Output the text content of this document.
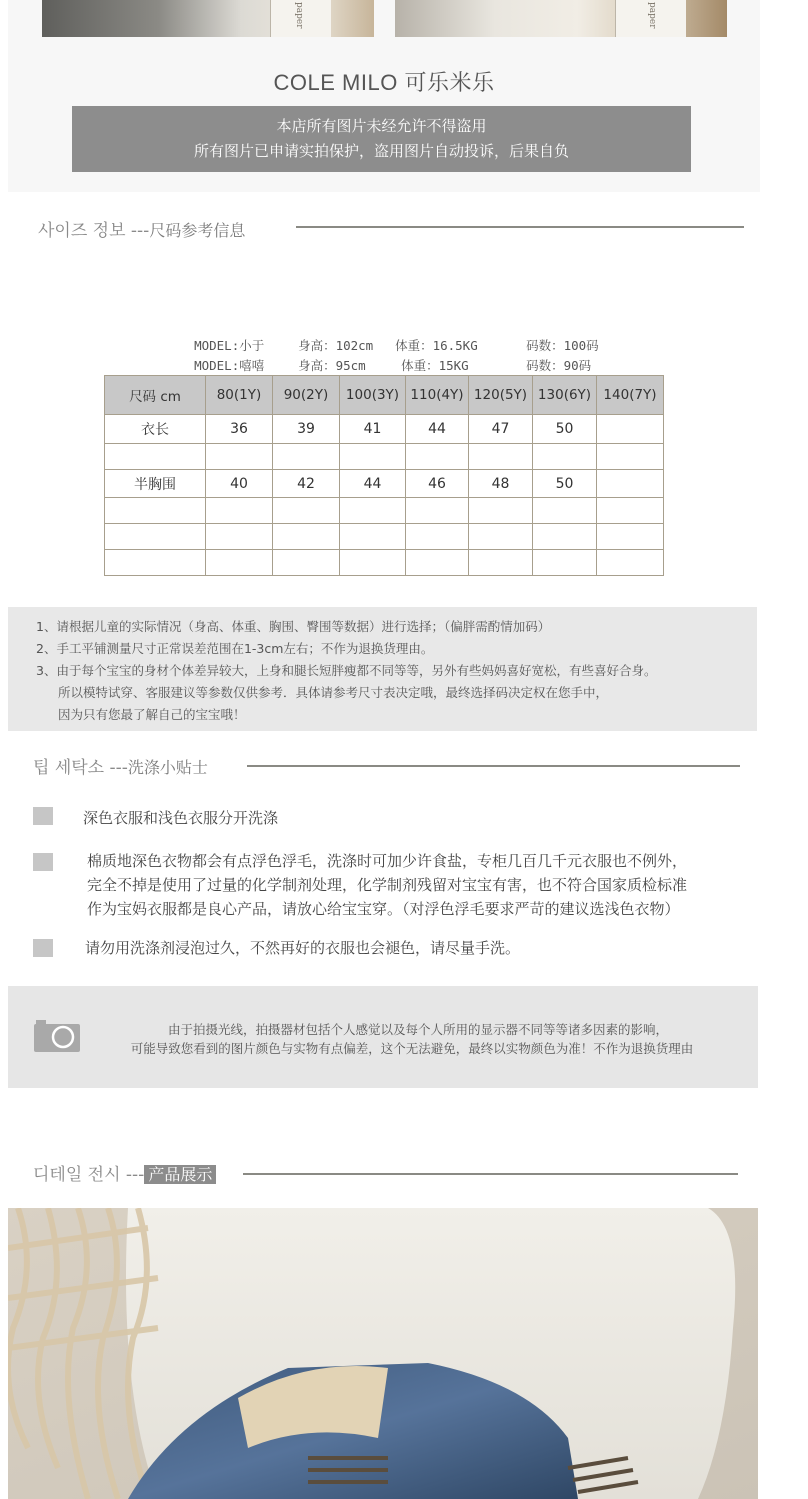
paper	paper
COLE MILO 可乐米乐
本店所有图片未经允许不得盗用
所有图片已申请实拍保护，盗用图片自动投诉，后果自负
사이즈 정보 ---尺码参考信息

MODEL:小于	身高：102cm 体重：16.5KG	码数：100码

MODEL:嘻嘻	身高：95cm	体重：15KG	码数：90码

尺码 cm	80(1Y)	90(2Y)	100(3Y)	110(4Y)	120(5Y)	130(6Y)	140(7Y)
衣长	36	39	41	44	47	50	

半胸围	40	42	44	46	48	50	

1、请根据儿童的实际情况（身高、体重、胸围、臀围等数据）进行选择；（偏胖需酌情加码）

2、手工平铺测量尺寸正常误差范围在1-3cm左右；不作为退换货理由。

3、由于每个宝宝的身材个体差异较大，上身和腿长短胖瘦都不同等等，另外有些妈妈喜好宽松，有些喜好合身。

所以模特试穿、客服建议等参数仅供参考．具体请参考尺寸表决定哦，最终选择码决定权在您手中，

因为只有您最了解自己的宝宝哦！

팁 세탁소 ---洗涤小贴士
深色衣服和浅色衣服分开洗涤
棉质地深色衣物都会有点浮色浮毛，洗涤时可加少许食盐，专柜几百几千元衣服也不例外，
完全不掉是使用了过量的化学制剂处理，化学制剂残留对宝宝有害，也不符合国家质检标准
作为宝妈衣服都是良心产品，请放心给宝宝穿。（对浮色浮毛要求严苛的建议选浅色衣物）
请勿用洗涤剂浸泡过久，不然再好的衣服也会褪色，请尽量手洗。
由于拍摄光线，拍摄器材包括个人感觉以及每个人所用的显示器不同等等诸多因素的影响，
可能导致您看到的图片颜色与实物有点偏差，这个无法避免，最终以实物颜色为准！不作为退换货理由
디테일 전시 --- 产品展示
